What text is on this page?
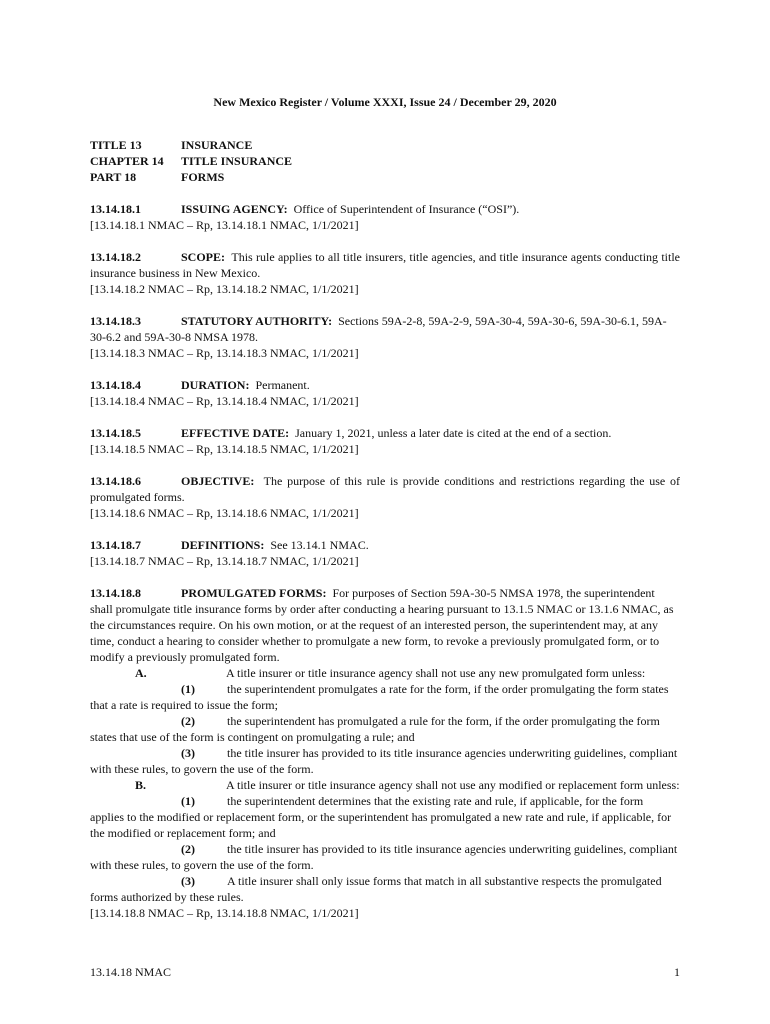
New Mexico Register / Volume XXXI, Issue 24 / December 29, 2020
TITLE 13	INSURANCE
CHAPTER 14	TITLE INSURANCE
PART 18	FORMS

13.14.18.1	ISSUING AGENCY: Office of Superintendent of Insurance (“OSI”).

[13.14.18.1 NMAC – Rp, 13.14.18.1 NMAC, 1/1/2021]

13.14.18.2	SCOPE: This rule applies to all title insurers, title agencies, and title insurance agents conducting title insurance business in New Mexico.

[13.14.18.2 NMAC – Rp, 13.14.18.2 NMAC, 1/1/2021]

13.14.18.3	STATUTORY AUTHORITY: Sections 59A-2-8, 59A-2-9, 59A-30-4, 59A-30-6, 59A-30-6.1, 59A-30-6.2 and 59A-30-8 NMSA 1978.

[13.14.18.3 NMAC – Rp, 13.14.18.3 NMAC, 1/1/2021]

13.14.18.4	DURATION: Permanent.

[13.14.18.4 NMAC – Rp, 13.14.18.4 NMAC, 1/1/2021]

13.14.18.5	EFFECTIVE DATE: January 1, 2021, unless a later date is cited at the end of a section.

[13.14.18.5 NMAC – Rp, 13.14.18.5 NMAC, 1/1/2021]

13.14.18.6	OBJECTIVE: The purpose of this rule is provide conditions and restrictions regarding the use of promulgated forms.

[13.14.18.6 NMAC – Rp, 13.14.18.6 NMAC, 1/1/2021]

13.14.18.7	DEFINITIONS: See 13.14.1 NMAC.

[13.14.18.7 NMAC – Rp, 13.14.18.7 NMAC, 1/1/2021]

13.14.18.8	PROMULGATED FORMS: For purposes of Section 59A-30-5 NMSA 1978, the superintendent shall promulgate title insurance forms by order after conducting a hearing pursuant to 13.1.5 NMAC or 13.1.6 NMAC, as the circumstances require. On his own motion, or at the request of an interested person, the superintendent may, at any time, conduct a hearing to consider whether to promulgate a new form, to revoke a previously promulgated form, or to modify a previously promulgated form.

A.	A title insurer or title insurance agency shall not use any new promulgated form unless:

(1)	the superintendent promulgates a rate for the form, if the order promulgating the form states that a rate is required to issue the form;

(2)	the superintendent has promulgated a rule for the form, if the order promulgating the form states that use of the form is contingent on promulgating a rule; and

(3)	the title insurer has provided to its title insurance agencies underwriting guidelines, compliant with these rules, to govern the use of the form.

B.	A title insurer or title insurance agency shall not use any modified or replacement form unless:

(1)	the superintendent determines that the existing rate and rule, if applicable, for the form applies to the modified or replacement form, or the superintendent has promulgated a new rate and rule, if applicable, for the modified or replacement form; and

(2)	the title insurer has provided to its title insurance agencies underwriting guidelines, compliant with these rules, to govern the use of the form.

(3)	A title insurer shall only issue forms that match in all substantive respects the promulgated forms authorized by these rules.

[13.14.18.8 NMAC – Rp, 13.14.18.8 NMAC, 1/1/2021]

13.14.18 NMAC	1
